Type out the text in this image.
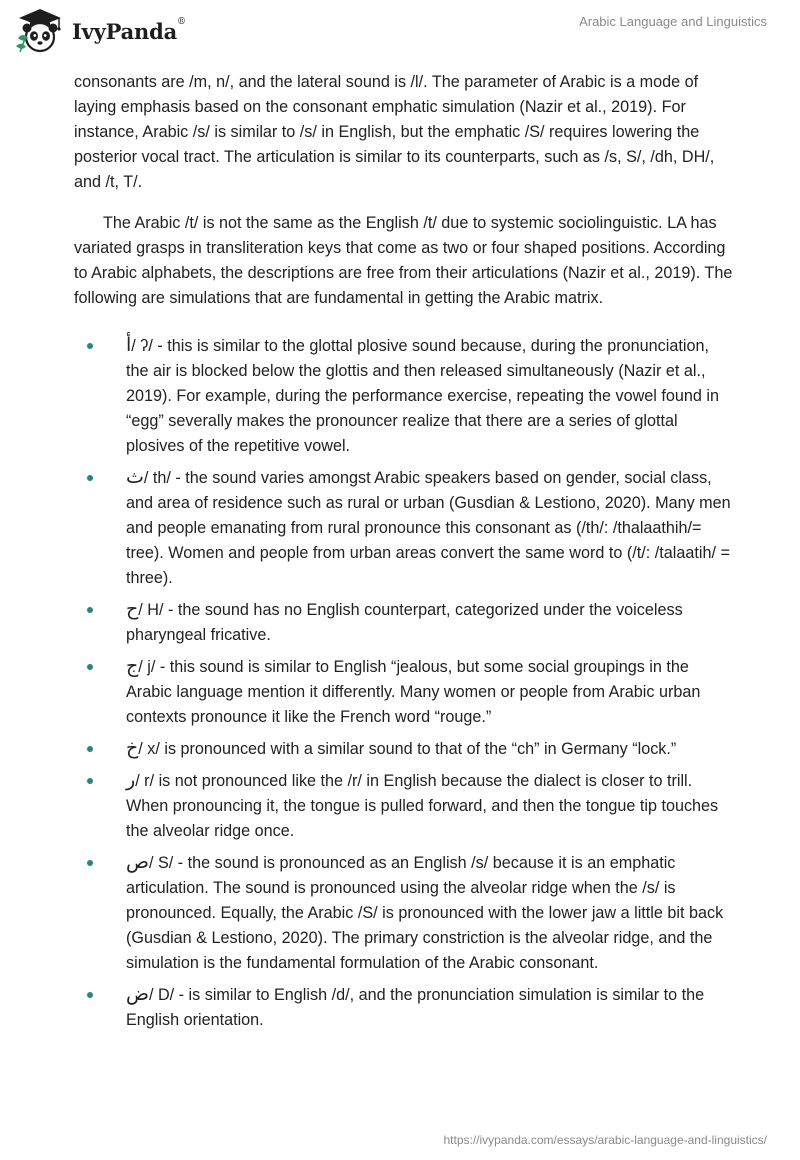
IvyPanda®	Arabic Language and Linguistics

consonants are /m, n/, and the lateral sound is /l/. The parameter of Arabic is a mode of laying emphasis based on the consonant emphatic simulation (Nazir et al., 2019). For instance, Arabic /s/ is similar to /s/ in English, but the emphatic /S/ requires lowering the posterior vocal tract. The articulation is similar to its counterparts, such as /s, S/, /dh, DH/, and /t, T/.

The Arabic /t/ is not the same as the English /t/ due to systemic sociolinguistic. LA has variated grasps in transliteration keys that come as two or four shaped positions. According to Arabic alphabets, the descriptions are free from their articulations (Nazir et al., 2019). The following are simulations that are fundamental in getting the Arabic matrix.

أ/ ʔ/ - this is similar to the glottal plosive sound because, during the pronunciation, the air is blocked below the glottis and then released simultaneously (Nazir et al., 2019). For example, during the performance exercise, repeating the vowel found in “egg” severally makes the pronouncer realize that there are a series of glottal plosives of the repetitive vowel.
ث/ th/ - the sound varies amongst Arabic speakers based on gender, social class, and area of residence such as rural or urban (Gusdian & Lestiono, 2020). Many men and people emanating from rural pronounce this consonant as (/th/: /thalaathih/= tree). Women and people from urban areas convert the same word to (/t/: /talaatih/ = three).
ح/ H/ - the sound has no English counterpart, categorized under the voiceless pharyngeal fricative.
ج/ j/ - this sound is similar to English “jealous, but some social groupings in the Arabic language mention it differently. Many women or people from Arabic urban contexts pronounce it like the French word “rouge.”
خ/ x/ is pronounced with a similar sound to that of the “ch” in Germany “lock.”
ر/ r/ is not pronounced like the /r/ in English because the dialect is closer to trill. When pronouncing it, the tongue is pulled forward, and then the tongue tip touches the alveolar ridge once.
ص/ S/ - the sound is pronounced as an English /s/ because it is an emphatic articulation. The sound is pronounced using the alveolar ridge when the /s/ is pronounced. Equally, the Arabic /S/ is pronounced with the lower jaw a little bit back (Gusdian & Lestiono, 2020). The primary constriction is the alveolar ridge, and the simulation is the fundamental formulation of the Arabic consonant.
ض/ D/ - is similar to English /d/, and the pronunciation simulation is similar to the English orientation.
https://ivypanda.com/essays/arabic-language-and-linguistics/
